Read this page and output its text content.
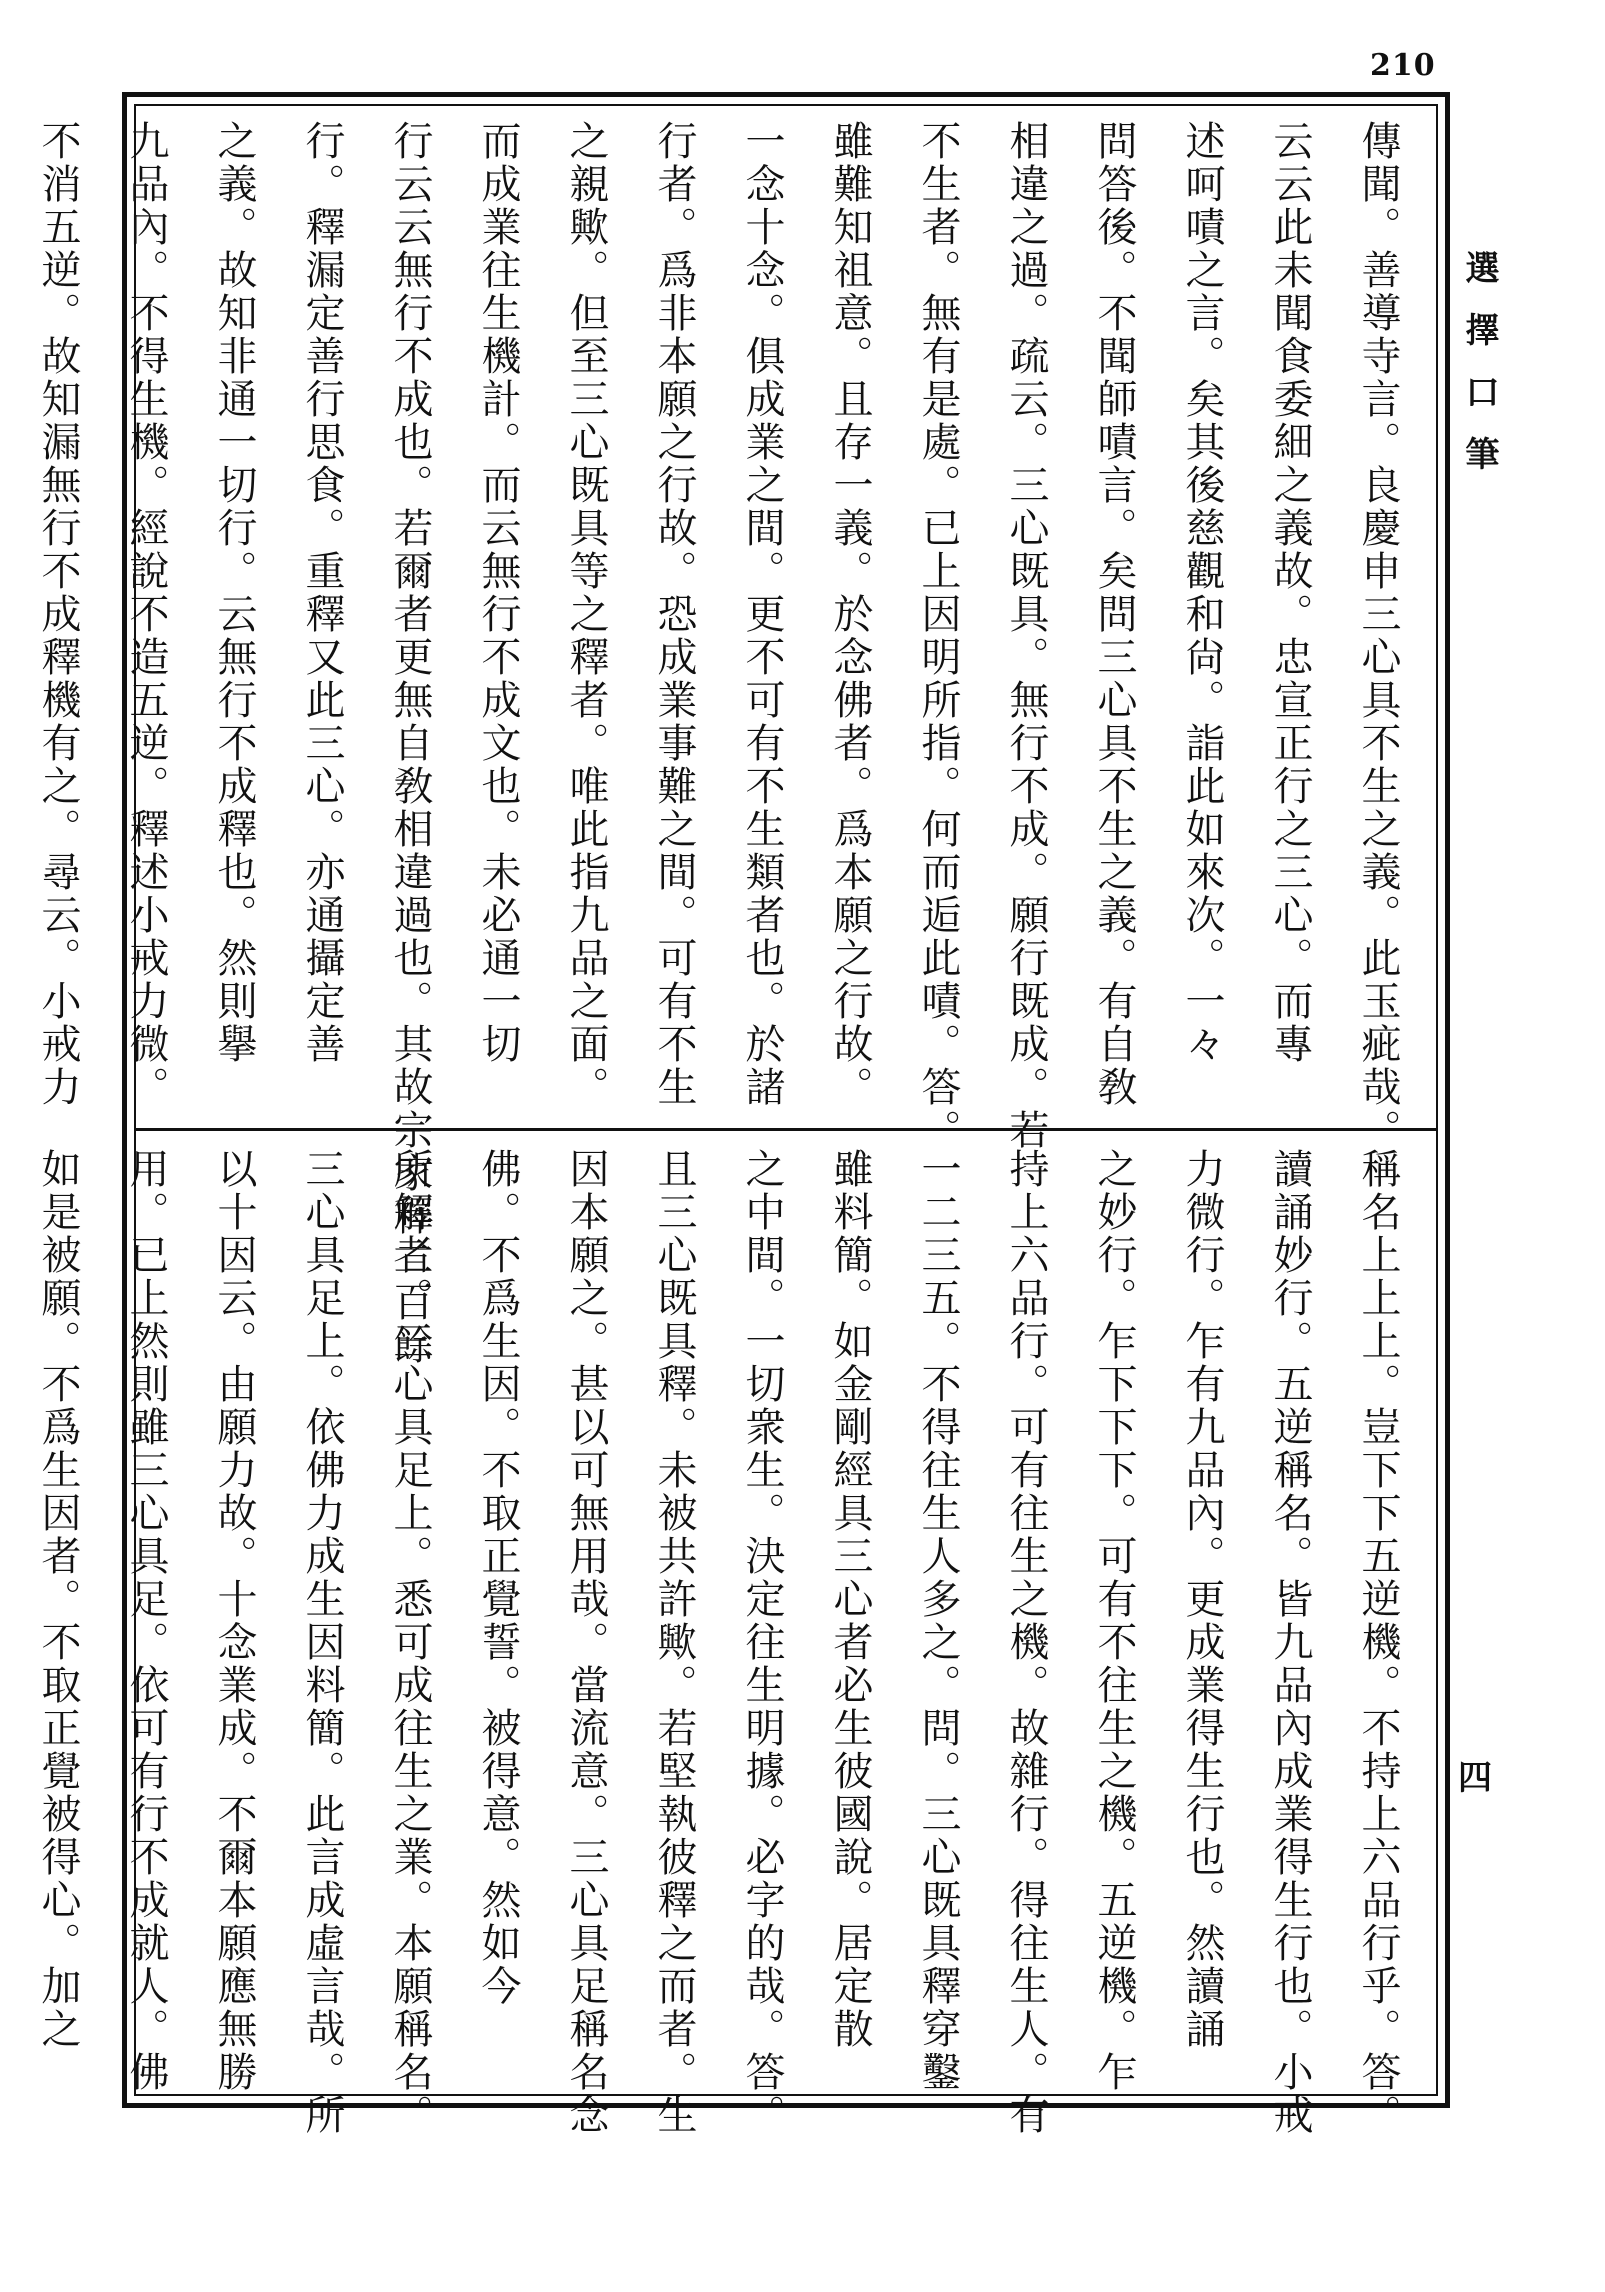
210
選擇口筆
四
傳聞。善導寺言。良慶申三心具不生之義。此玉疵哉。
云云此未聞食委細之義故。忠宣正行之三心。而專
述呵嘖之言。矣其後慈觀和尙。詣此如來次。一々
問答後。不聞師嘖言。矣問三心具不生之義。有自敎
相違之過。疏云。三心既具。無行不成。願行既成。若
不生者。無有是處。已上因明所指。何而逅此嘖。答。
雖難知祖意。且存一義。於念佛者。爲本願之行故。
一念十念。俱成業之間。更不可有不生類者也。於諸
行者。爲非本願之行故。恐成業事難之間。可有不生
之親歟。但至三心既具等之釋者。唯此指九品之面。
而成業往生機計。而云無行不成文也。未必通一切
行云云無行不成也。若爾者更無自敎相違過也。其故宗家釋二百餘
行。釋漏定善行思食。重釋又此三心。亦通攝定善
之義。故知非通一切行。云無行不成釋也。然則擧
九品內。不得生機。經說不造五逆。釋述小戒力微。
不消五逆。故知漏無行不成釋機有之。尋云。小戒力
稱名上上上。豈下下五逆機。不持上六品行乎。答。
讀誦妙行。五逆稱名。皆九品內成業得生行也。小戒
力微行。乍有九品內。更成業得生行也。然讀誦
之妙行。乍下下下。可有不往生之機。五逆機。乍
持上六品行。可有往生之機。故雜行。得往生人。有
一二三五。不得往生人多之。問。三心既具釋穿鑿
雖料簡。如金剛經具三心者必生彼國說。居定散
之中間。一切衆生。決定往生明據。必字的哉。答。
且三心既具釋。未被共許歟。若堅執彼釋之而者。生
因本願之。甚以可無用哉。當流意。三心具足稱名念
佛。不爲生因。不取正覺誓。被得意。然如今
所解者。三心具足上。悉可成往生之業。本願稱名。
三心具足上。依佛力成生因料簡。此言成虛言哉。所
以十因云。由願力故。十念業成。不爾本願應無勝
用。已上然則雖三心具足。依可有行不成就人。佛
如是被願。不爲生因者。不取正覺被得心。加之
